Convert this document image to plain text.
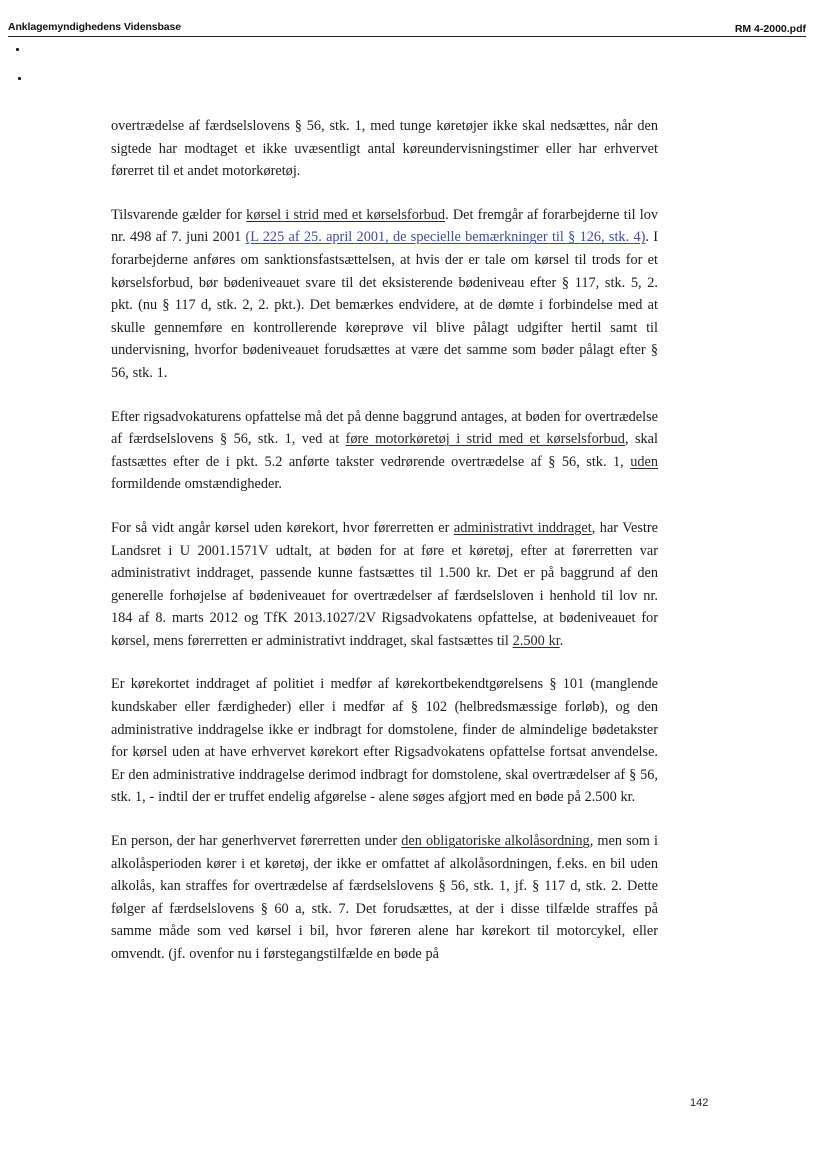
Anklagemyndighedens Vidensbase	RM 4-2000.pdf

overtrædelse af færdselslovens § 56, stk. 1, med tunge køretøjer ikke skal nedsættes, når den sigtede har modtaget et ikke uvæsentligt antal køreundervisningstimer eller har erhvervet førerret til et andet motorkøretøj.

Tilsvarende gælder for kørsel i strid med et kørselsforbud. Det fremgår af forarbejderne til lov nr. 498 af 7. juni 2001 (L 225 af 25. april 2001, de specielle bemærkninger til § 126, stk. 4). I forarbejderne anføres om sanktionsfastsættelsen, at hvis der er tale om kørsel til trods for et kørselsforbud, bør bødeniveauet svare til det eksisterende bødeniveau efter § 117, stk. 5, 2. pkt. (nu § 117 d, stk. 2, 2. pkt.). Det bemærkes endvidere, at de dømte i forbindelse med at skulle gennemføre en kontrollerende køreprøve vil blive pålagt udgifter hertil samt til undervisning, hvorfor bødeniveauet forudsættes at være det samme som bøder pålagt efter § 56, stk. 1.

Efter rigsadvokaturens opfattelse må det på denne baggrund antages, at bøden for overtrædelse af færdselslovens § 56, stk. 1, ved at føre motorkøretøj i strid med et kørselsforbud, skal fastsættes efter de i pkt. 5.2 anførte takster vedrørende overtrædelse af § 56, stk. 1, uden formildende omstændigheder.

For så vidt angår kørsel uden kørekort, hvor førerretten er administrativt inddraget, har Vestre Landsret i U 2001.1571V udtalt, at bøden for at føre et køretøj, efter at førerretten var administrativt inddraget, passende kunne fastsættes til 1.500 kr. Det er på baggrund af den generelle forhøjelse af bødeniveauet for overtrædelser af færdselsloven i henhold til lov nr. 184 af 8. marts 2012 og TfK 2013.1027/2V Rigsadvokatens opfattelse, at bødeniveauet for kørsel, mens førerretten er administrativt inddraget, skal fastsættes til 2.500 kr.

Er kørekortet inddraget af politiet i medfør af kørekortbekendtgørelsens § 101 (manglende kundskaber eller færdigheder) eller i medfør af § 102 (helbredsmæssige forløb), og den administrative inddragelse ikke er indbragt for domstolene, finder de almindelige bødetakster for kørsel uden at have erhvervet kørekort efter Rigsadvokatens opfattelse fortsat anvendelse. Er den administrative inddragelse derimod indbragt for domstolene, skal overtrædelser af § 56, stk. 1, - indtil der er truffet endelig afgørelse - alene søges afgjort med en bøde på 2.500 kr.

En person, der har generhvervet førerretten under den obligatoriske alkolåsordning, men som i alkolåsperioden kører i et køretøj, der ikke er omfattet af alkolåsordningen, f.eks. en bil uden alkolås, kan straffes for overtrædelse af færdselslovens § 56, stk. 1, jf. § 117 d, stk. 2. Dette følger af færdselslovens § 60 a, stk. 7. Det forudsættes, at der i disse tilfælde straffes på samme måde som ved kørsel i bil, hvor føreren alene har kørekort til motorcykel, eller omvendt. (jf. ovenfor nu i førstegangstilfælde en bøde på

142
